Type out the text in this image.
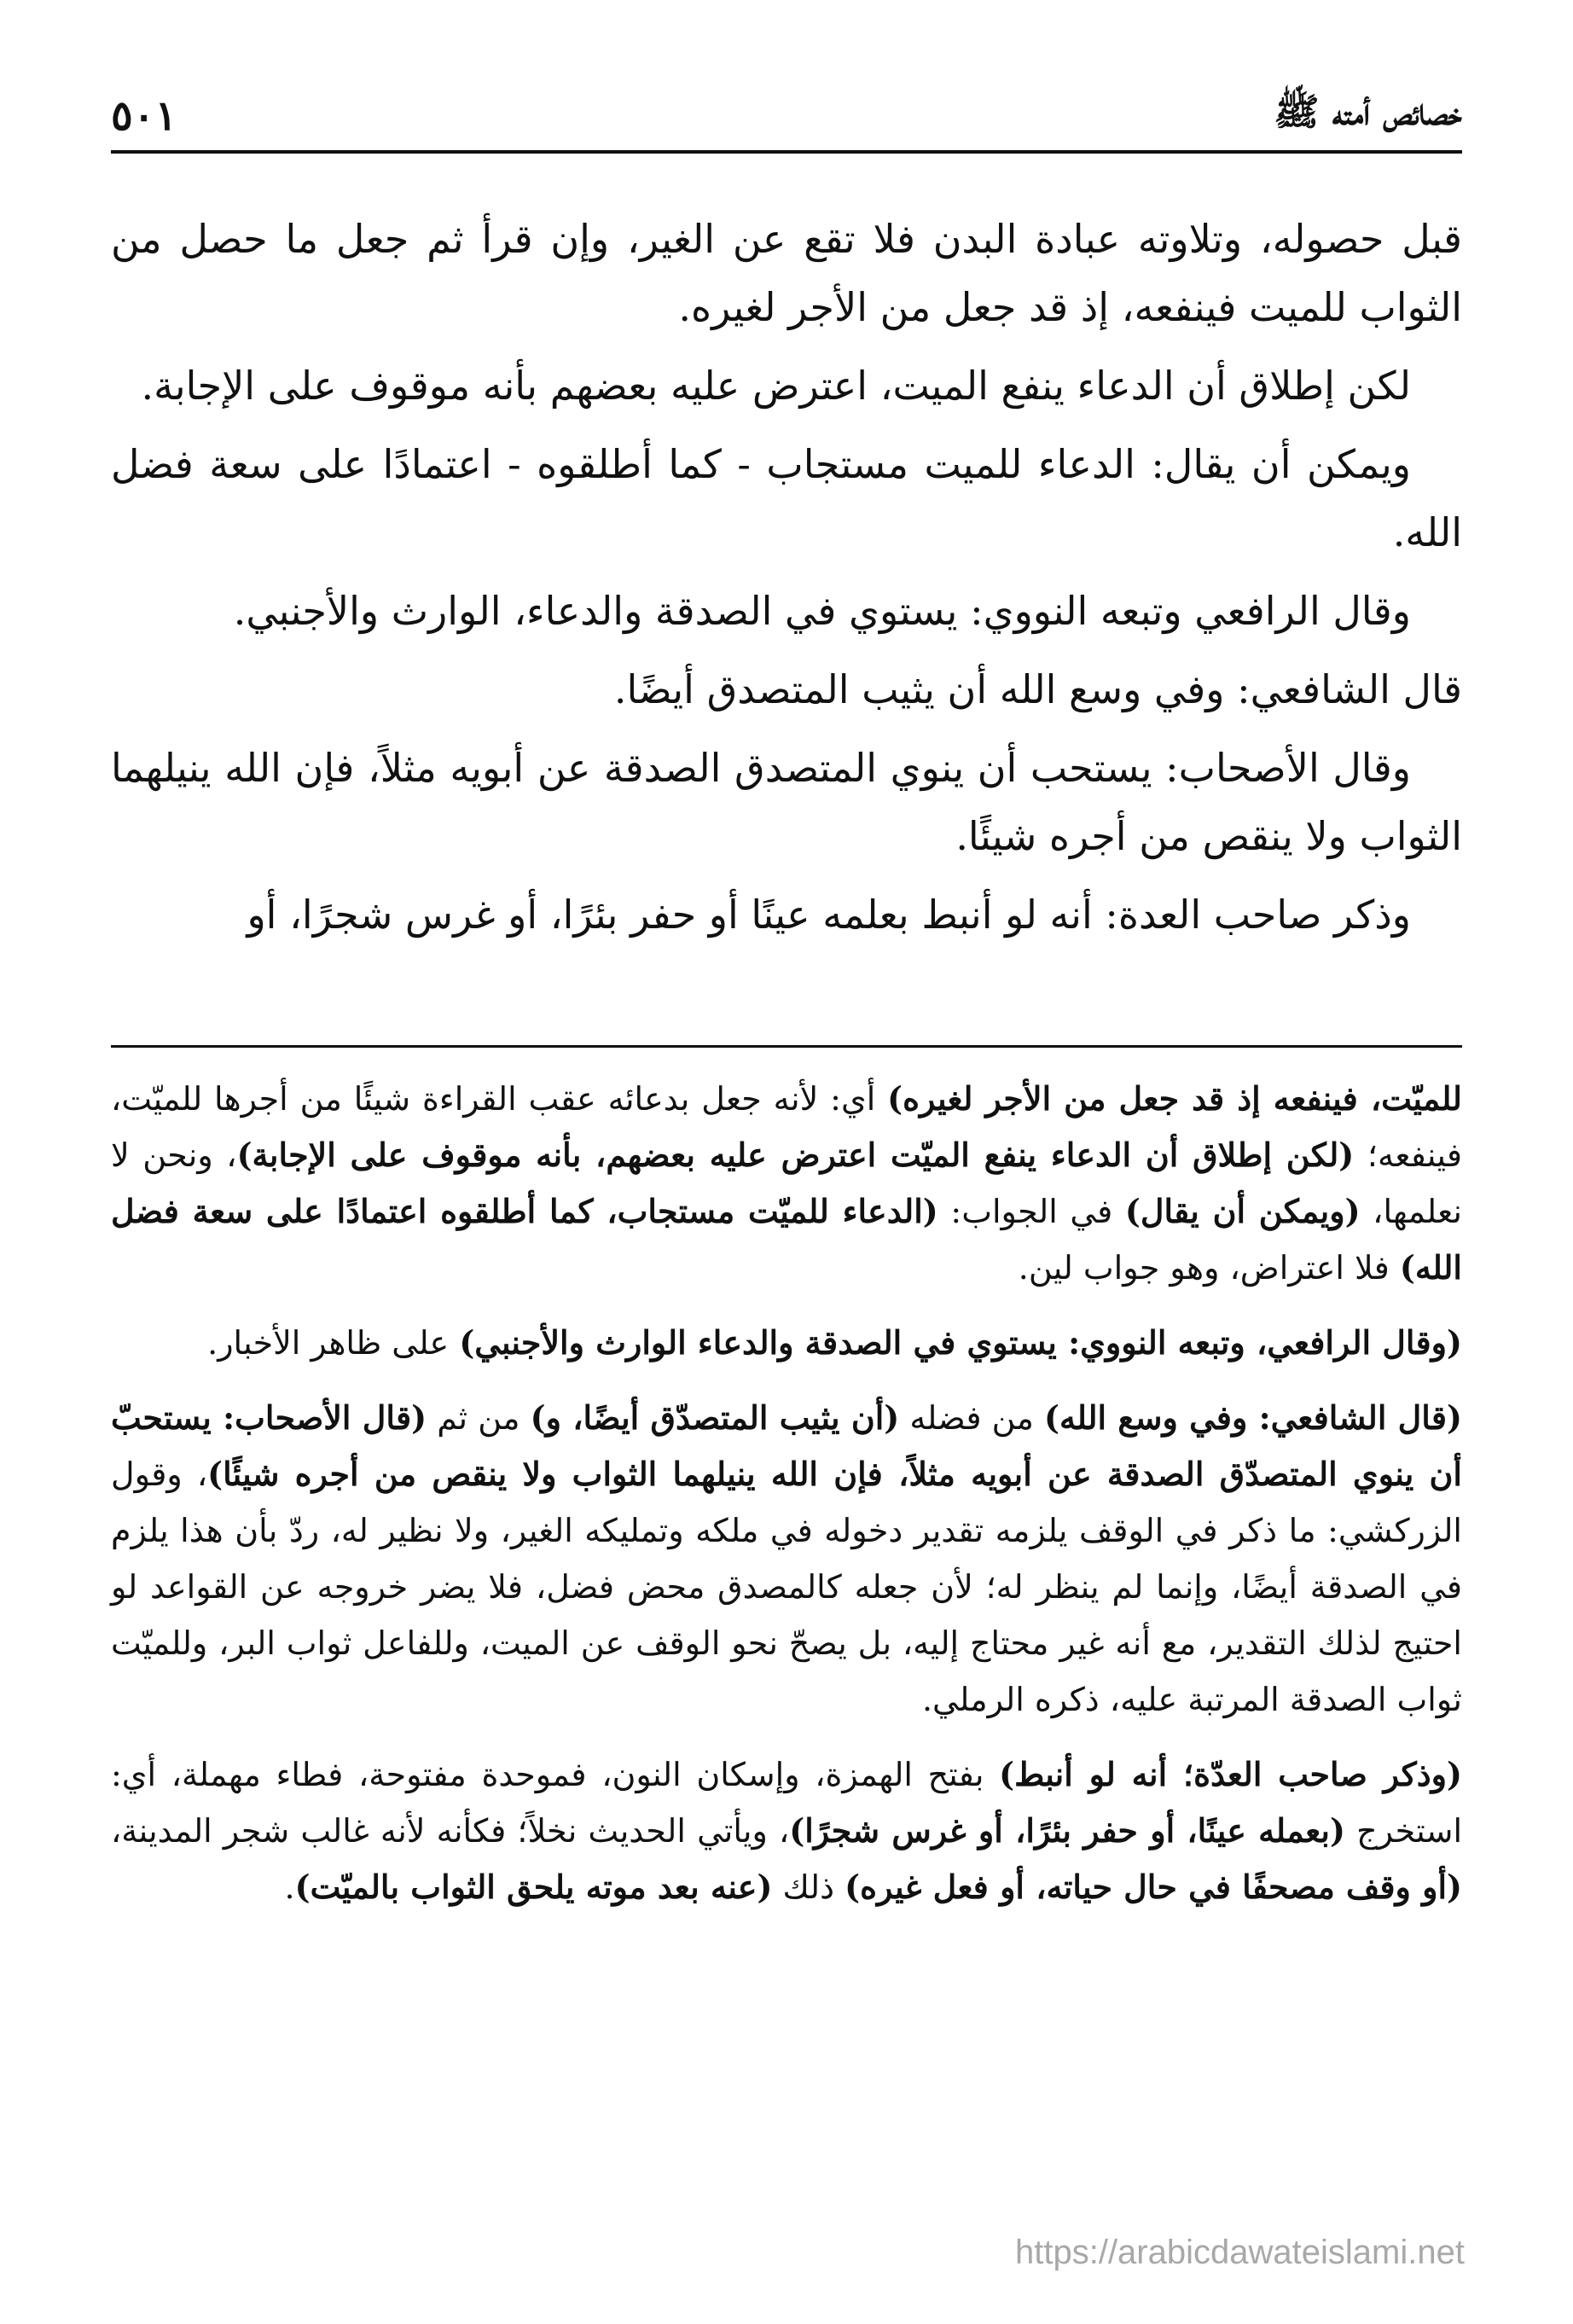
خصائص أمته ﷺ
٥٠١

قبل حصوله، وتلاوته عبادة البدن فلا تقع عن الغير، وإن قرأ ثم جعل ما حصل من الثواب للميت فينفعه، إذ قد جعل من الأجر لغيره.

لكن إطلاق أن الدعاء ينفع الميت، اعترض عليه بعضهم بأنه موقوف على الإجابة.

ويمكن أن يقال: الدعاء للميت مستجاب - كما أطلقوه - اعتمادًا على سعة فضل الله.

وقال الرافعي وتبعه النووي: يستوي في الصدقة والدعاء، الوارث والأجنبي.

قال الشافعي: وفي وسع الله أن يثيب المتصدق أيضًا.

وقال الأصحاب: يستحب أن ينوي المتصدق الصدقة عن أبويه مثلاً، فإن الله ينيلهما الثواب ولا ينقص من أجره شيئًا.

وذكر صاحب العدة: أنه لو أنبط بعلمه عينًا أو حفر بئرًا، أو غرس شجرًا، أو

للميّت، فينفعه إذ قد جعل من الأجر لغيره) أي: لأنه جعل بدعائه عقب القراءة شيئًا من أجرها للميّت، فينفعه؛ (لكن إطلاق أن الدعاء ينفع الميّت اعترض عليه بعضهم، بأنه موقوف على الإجابة)، ونحن لا نعلمها، (ويمكن أن يقال) في الجواب: (الدعاء للميّت مستجاب، كما أطلقوه اعتمادًا على سعة فضل الله) فلا اعتراض، وهو جواب لين.

(وقال الرافعي، وتبعه النووي: يستوي في الصدقة والدعاء الوارث والأجنبي) على ظاهر الأخبار.

(قال الشافعي: وفي وسع الله) من فضله (أن يثيب المتصدّق أيضًا، و) من ثم (قال الأصحاب: يستحبّ أن ينوي المتصدّق الصدقة عن أبويه مثلاً، فإن الله ينيلهما الثواب ولا ينقص من أجره شيئًا)، وقول الزركشي: ما ذكر في الوقف يلزمه تقدير دخوله في ملكه وتمليكه الغير، ولا نظير له، ردّ بأن هذا يلزم في الصدقة أيضًا، وإنما لم ينظر له؛ لأن جعله كالمصدق محض فضل، فلا يضر خروجه عن القواعد لو احتيج لذلك التقدير، مع أنه غير محتاج إليه، بل يصحّ نحو الوقف عن الميت، وللفاعل ثواب البر، وللميّت ثواب الصدقة المرتبة عليه، ذكره الرملي.

(وذكر صاحب العدّة؛ أنه لو أنبط) بفتح الهمزة، وإسكان النون، فموحدة مفتوحة، فطاء مهملة، أي: استخرج (بعمله عينًا، أو حفر بئرًا، أو غرس شجرًا)، ويأتي الحديث نخلاً؛ فكأنه لأنه غالب شجر المدينة، (أو وقف مصحفًا في حال حياته، أو فعل غيره) ذلك (عنه بعد موته يلحق الثواب بالميّت).

https://arabicdawateislami.net
